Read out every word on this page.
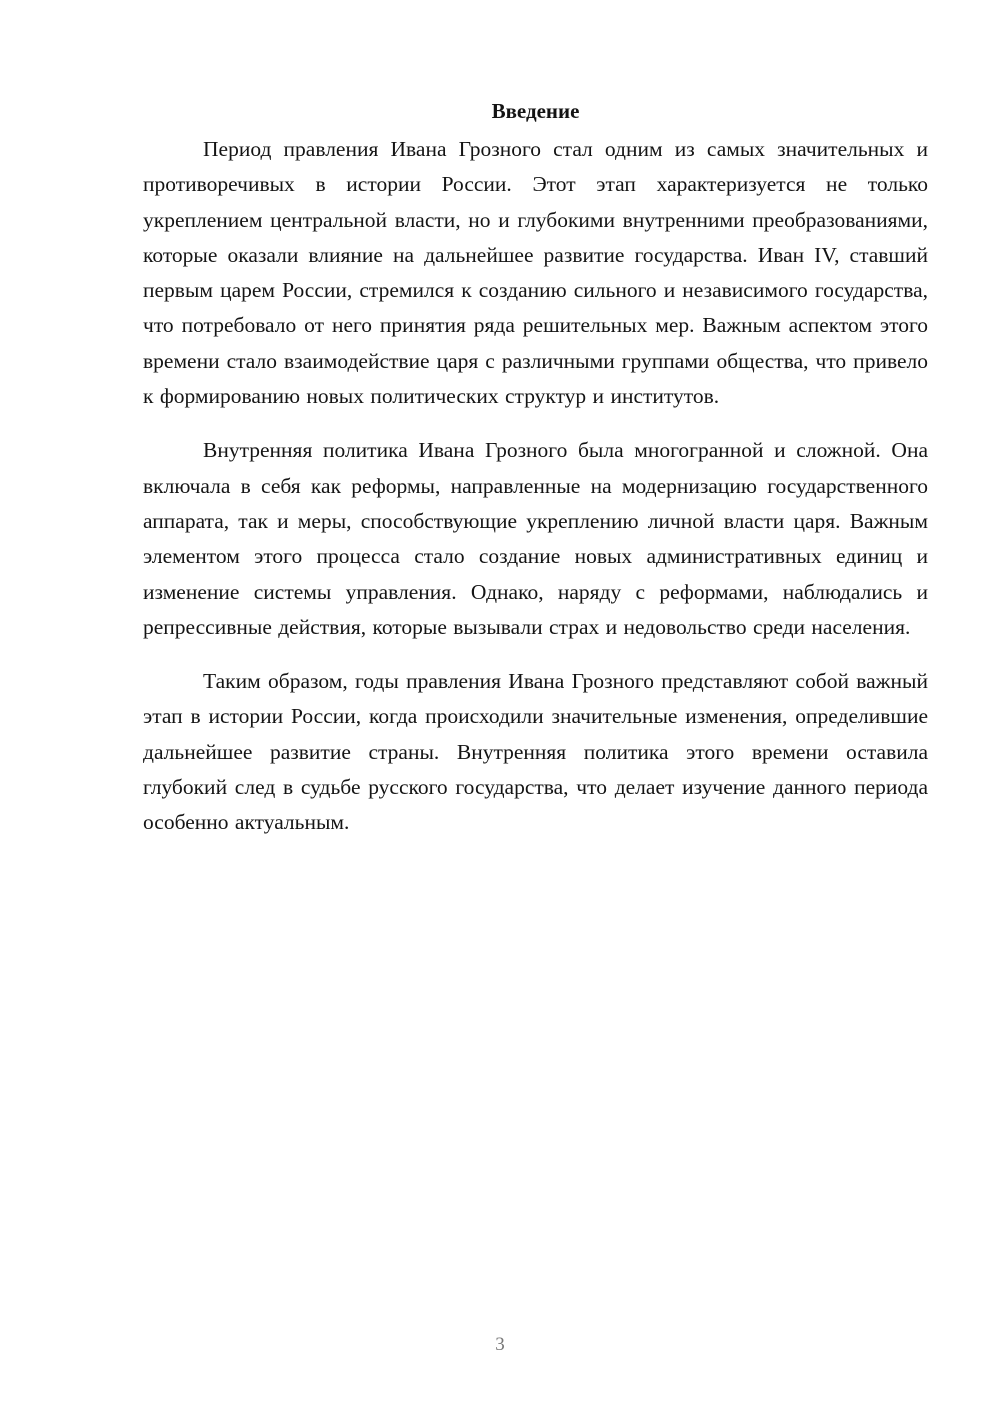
Введение

Период правления Ивана Грозного стал одним из самых значительных и противоречивых в истории России. Этот этап характеризуется не только укреплением центральной власти, но и глубокими внутренними преобразованиями, которые оказали влияние на дальнейшее развитие государства. Иван IV, ставший первым царем России, стремился к созданию сильного и независимого государства, что потребовало от него принятия ряда решительных мер. Важным аспектом этого времени стало взаимодействие царя с различными группами общества, что привело к формированию новых политических структур и институтов.

Внутренняя политика Ивана Грозного была многогранной и сложной. Она включала в себя как реформы, направленные на модернизацию государственного аппарата, так и меры, способствующие укреплению личной власти царя. Важным элементом этого процесса стало создание новых административных единиц и изменение системы управления. Однако, наряду с реформами, наблюдались и репрессивные действия, которые вызывали страх и недовольство среди населения.

Таким образом, годы правления Ивана Грозного представляют собой важный этап в истории России, когда происходили значительные изменения, определившие дальнейшее развитие страны. Внутренняя политика этого времени оставила глубокий след в судьбе русского государства, что делает изучение данного периода особенно актуальным.

3
